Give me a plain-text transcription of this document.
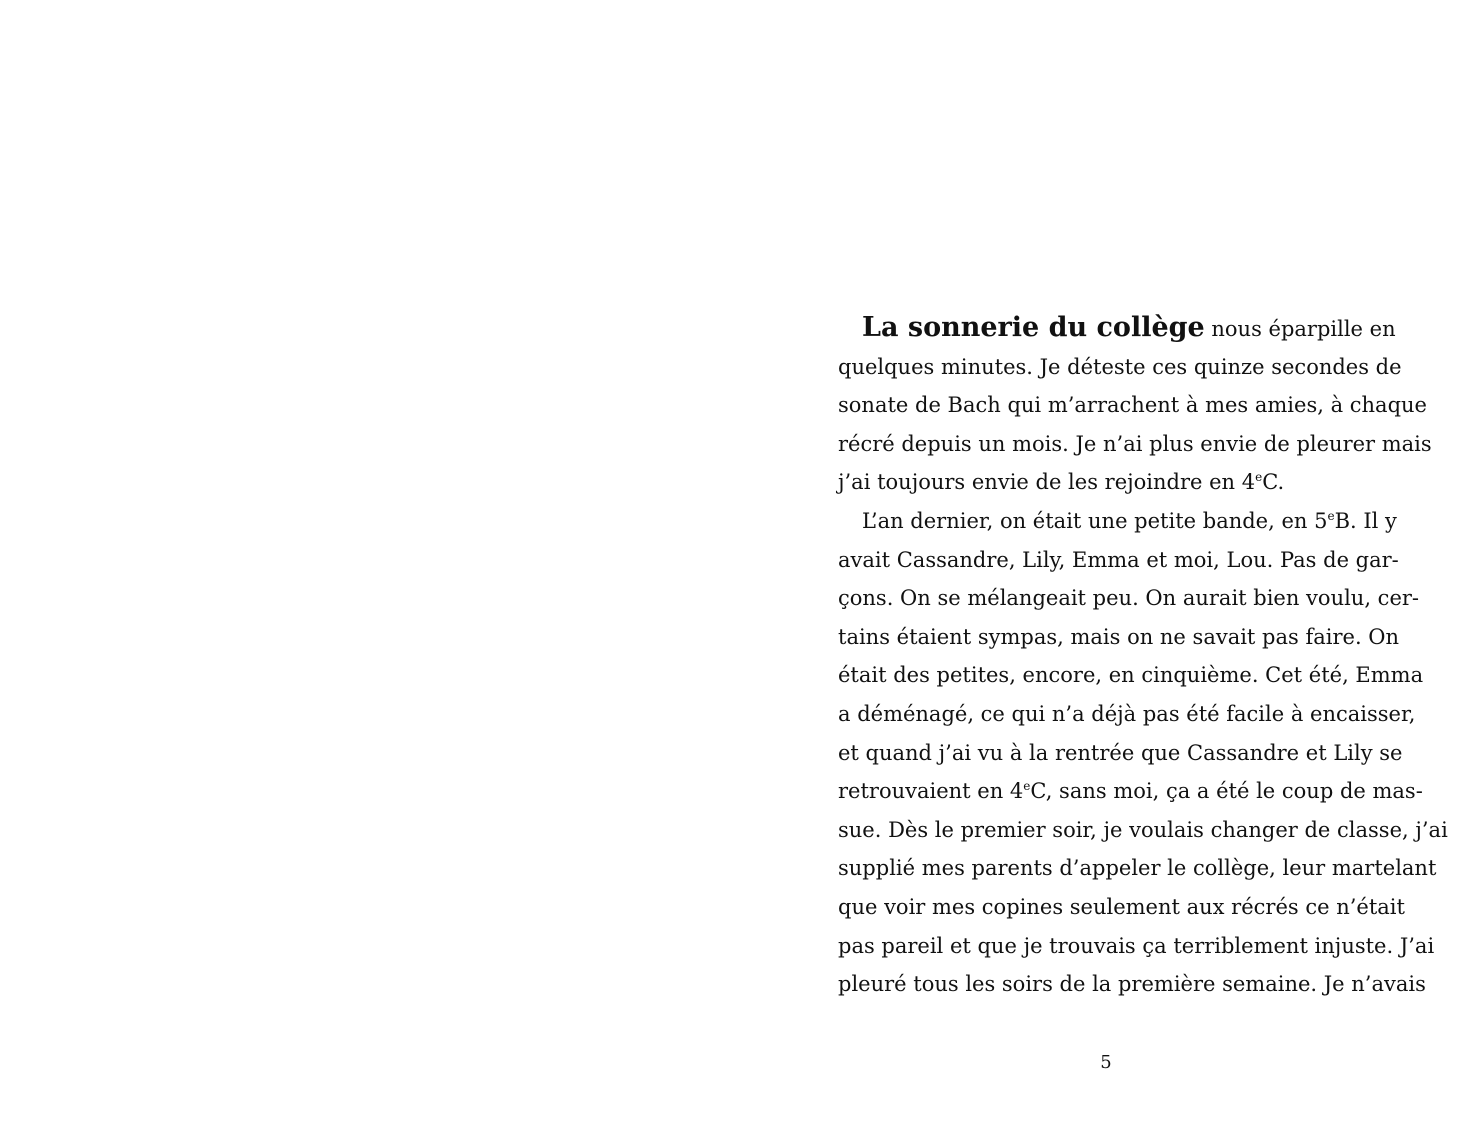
La sonnerie du collège nous éparpille en
quelques minutes. Je déteste ces quinze secondes de
sonate de Bach qui m’arrachent à mes amies, à chaque
récré depuis un mois. Je n’ai plus envie de pleurer mais
j’ai toujours envie de les rejoindre en 4eC.
L’an dernier, on était une petite bande, en 5eB. Il y
avait Cassandre, Lily, Emma et moi, Lou. Pas de gar-
çons. On se mélangeait peu. On aurait bien voulu, cer-
tains étaient sympas, mais on ne savait pas faire. On
était des petites, encore, en cinquième. Cet été, Emma
a déménagé, ce qui n’a déjà pas été facile à encaisser,
et quand j’ai vu à la rentrée que Cassandre et Lily se
retrouvaient en 4eC, sans moi, ça a été le coup de mas-
sue. Dès le premier soir, je voulais changer de classe, j’ai
supplié mes parents d’appeler le collège, leur martelant
que voir mes copines seulement aux récrés ce n’était
pas pareil et que je trouvais ça terriblement injuste. J’ai
pleuré tous les soirs de la première semaine. Je n’avais
5
